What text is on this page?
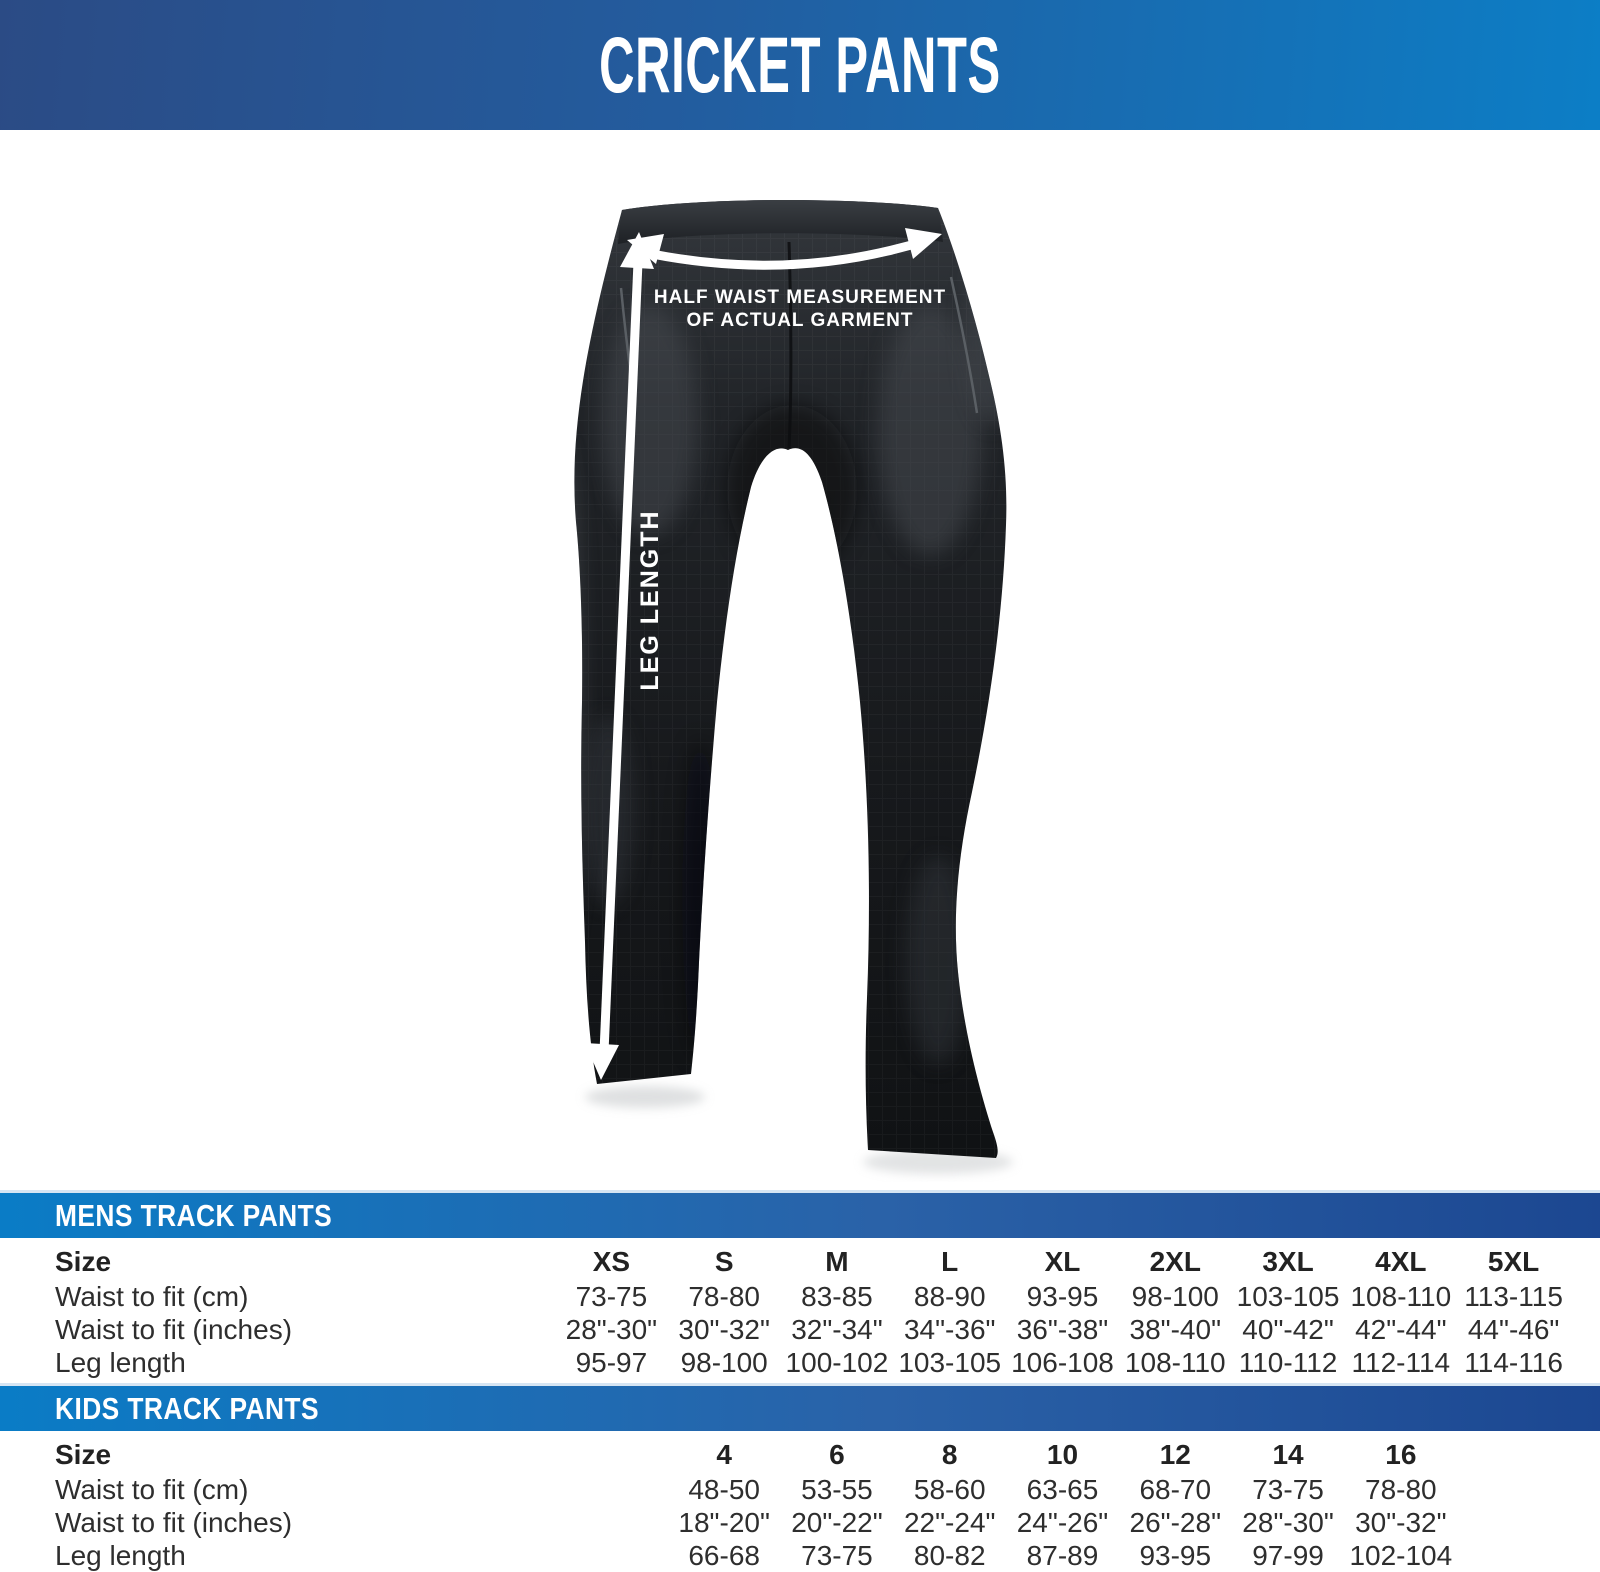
CRICKET PANTS
HALF WAIST MEASUREMENT
OF ACTUAL GARMENT
LEG LENGTH
MENS TRACK PANTS
Size	XS	S	M	L	XL	2XL	3XL	4XL	5XL
Waist to fit (cm)	73-75	78-80	83-85	88-90	93-95	98-100 103-105 108-110 113-115
Waist to fit (inches)	28"-30" 30"-32" 32"-34" 34"-36" 36"-38" 38"-40" 40"-42" 42"-44" 44"-46"
Leg length	95-97	98-100 100-102 103-105 106-108 108-110 110-112 112-114 114-116
KIDS TRACK PANTS
Size	4	6	8	10	12	14	16
Waist to fit (cm)	48-50	53-55	58-60	63-65	68-70	73-75	78-80
Waist to fit (inches)	18"-20" 20"-22" 22"-24" 24"-26" 26"-28" 28"-30" 30"-32"
Leg length	66-68	73-75	80-82	87-89	93-95	97-99 102-104
